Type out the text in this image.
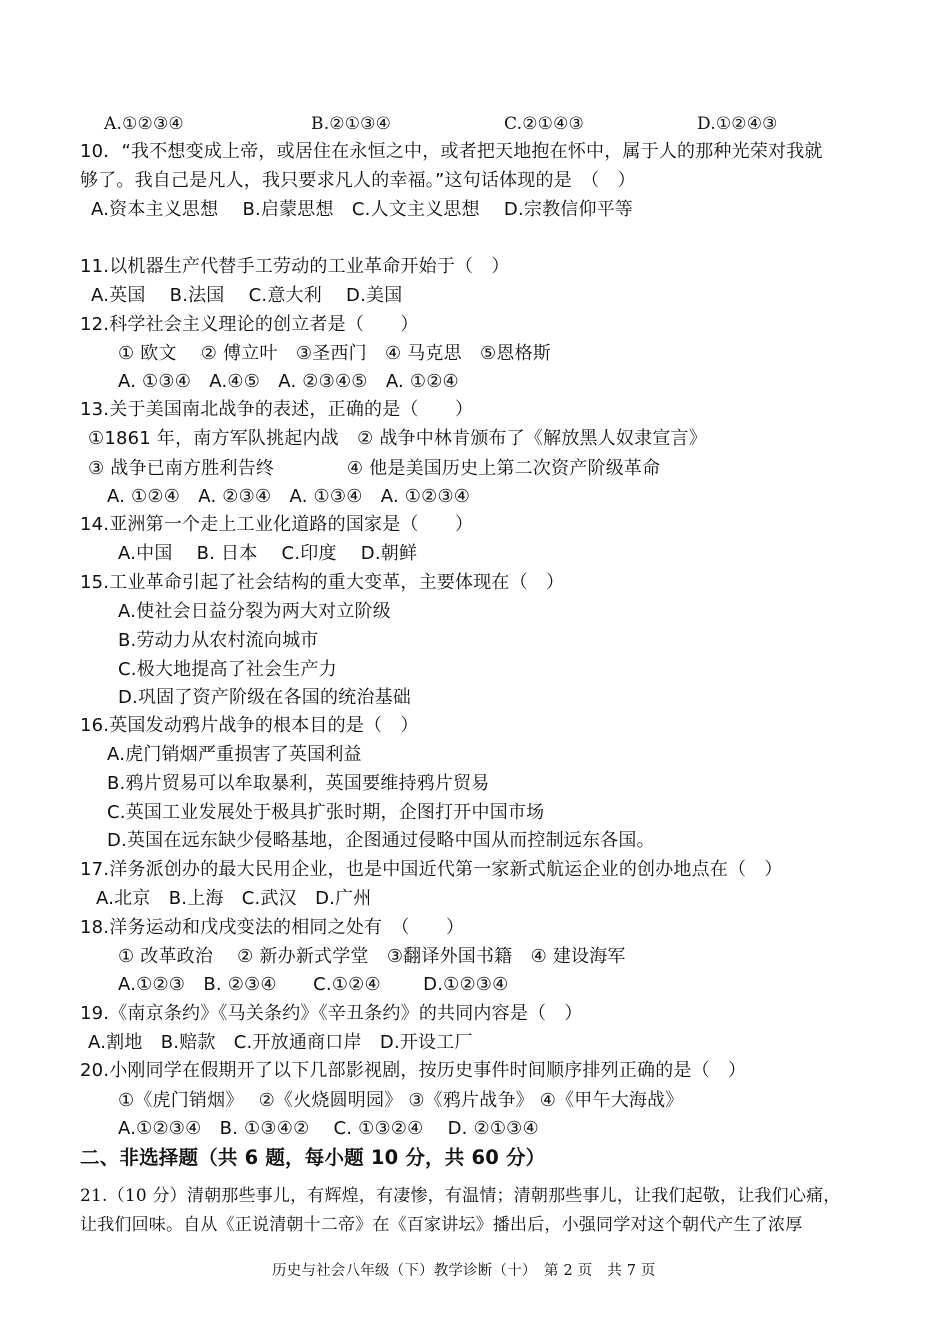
A.①②③④	B.②①③④	C.②①④③	D.①②④③
10．“我不想变成上帝，或居住在永恒之中，或者把天地抱在怀中，属于人的那种光荣对我就
够了。我自己是凡人，我只要求凡人的幸福。”这句话体现的是　（　）
A.资本主义思想　 B.启蒙思想　C.人文主义思想　 D.宗教信仰平等
11.以机器生产代替手工劳动的工业革命开始于（　）
A.英国　 B.法国　 C.意大利　 D.美国
12.科学社会主义理论的创立者是（　　）
① 欧文　 ② 傅立叶　③圣西门　④ 马克思　⑤恩格斯
A. ①③④　A.④⑤　A. ②③④⑤　A. ①②④
13.关于美国南北战争的表述，正确的是（　　）
①1861 年，南方军队挑起内战　② 战争中林肯颁布了《解放黑人奴隶宣言》
③ 战争已南方胜利告终　　　　④ 他是美国历史上第二次资产阶级革命
A. ①②④　A. ②③④　A. ①③④　A. ①②③④
14.亚洲第一个走上工业化道路的国家是（　　）
A.中国　 B. 日本　 C.印度　 D.朝鲜
15.工业革命引起了社会结构的重大变革，主要体现在（　）
A.使社会日益分裂为两大对立阶级
B.劳动力从农村流向城市
C.极大地提高了社会生产力
D.巩固了资产阶级在各国的统治基础
16.英国发动鸦片战争的根本目的是（　）
A.虎门销烟严重损害了英国利益
B.鸦片贸易可以牟取暴利，英国要维持鸦片贸易
C.英国工业发展处于极具扩张时期，企图打开中国市场
D.英国在远东缺少侵略基地，企图通过侵略中国从而控制远东各国。
17.洋务派创办的最大民用企业，也是中国近代第一家新式航运企业的创办地点在（　）
A.北京　B.上海　C.武汉　D.广州
18.洋务运动和戊戌变法的相同之处有　（　　）
① 改革政治　 ② 新办新式学堂　③翻译外国书籍　④ 建设海军
A.①②③　B. ②③④　　C.①②④　　 D.①②③④
19.《南京条约》《马关条约》《辛丑条约》的共同内容是（　）
A.割地　B.赔款　C.开放通商口岸　D.开设工厂
20.小刚同学在假期开了以下几部影视剧，按历史事件时间顺序排列正确的是（　）
①《虎门销烟》　 ②《火烧圆明园》 ③《鸦片战争》 ④《甲午大海战》
A.①②③④　B. ①③④②　 C. ①③②④　 D. ②①③④
二、非选择题（共 6 题，每小题 10 分，共 60 分）
21.（10 分）清朝那些事儿，有辉煌，有凄惨，有温情；清朝那些事儿，让我们起敬，让我们心痛，
让我们回味。自从《正说清朝十二帝》在《百家讲坛》播出后，小强同学对这个朝代产生了浓厚
历史与社会八年级（下）教学诊断（十）　第 2 页　共 7 页
